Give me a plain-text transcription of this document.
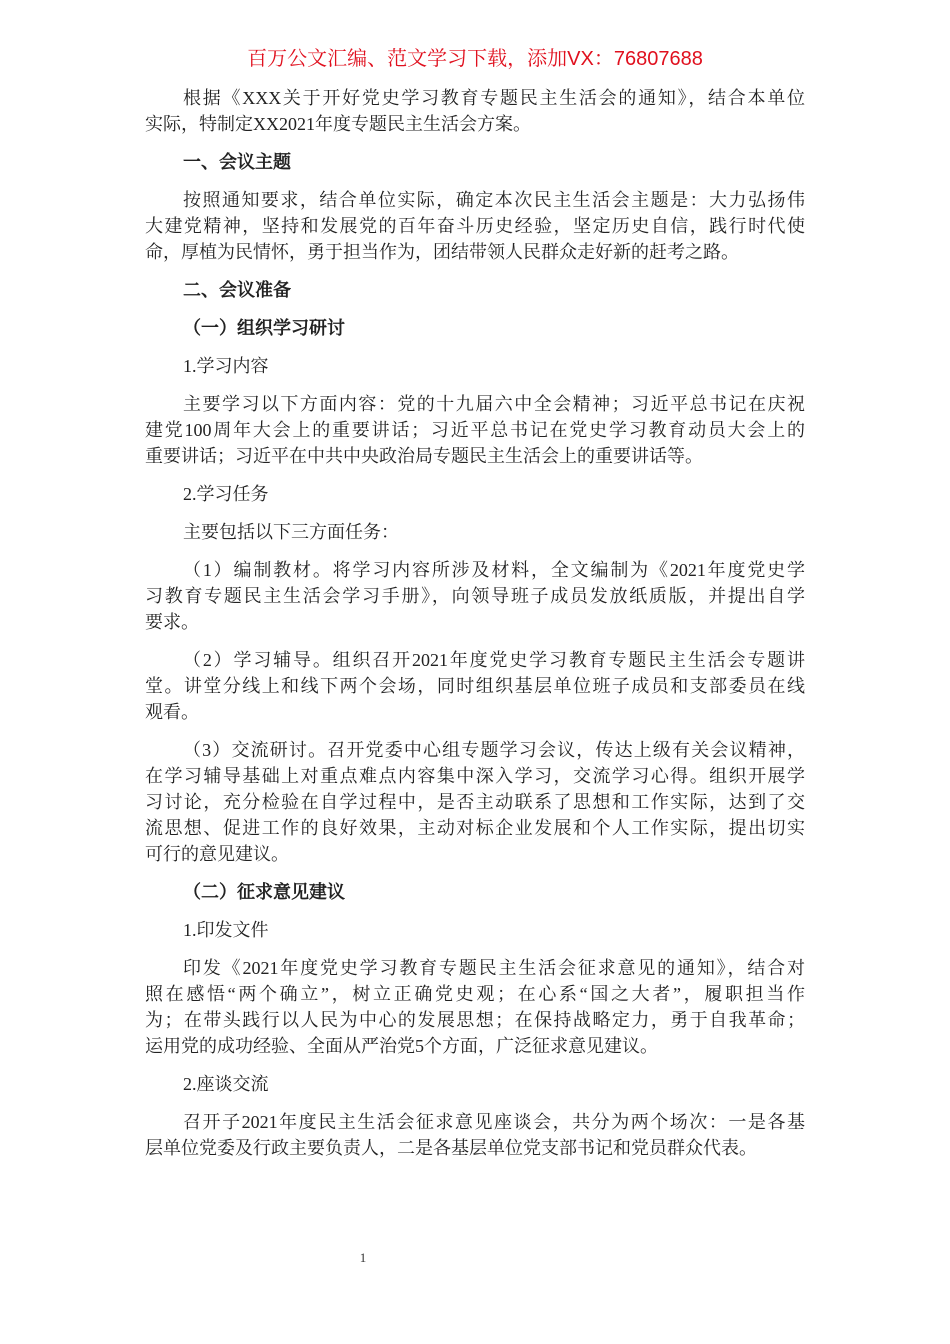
百万公文汇编、范文学习下载，添加VX：76807688
根据《XXX关于开好党史学习教育专题民主生活会的通知》，结合本单位
实际，特制定XX2021年度专题民主生活会方案。
一、会议主题
按照通知要求，结合单位实际，确定本次民主生活会主题是：大力弘扬伟
大建党精神，坚持和发展党的百年奋斗历史经验，坚定历史自信，践行时代使
命，厚植为民情怀，勇于担当作为，团结带领人民群众走好新的赶考之路。
二、会议准备
（一）组织学习研讨
1.学习内容
主要学习以下方面内容：党的十九届六中全会精神；习近平总书记在庆祝
建党100周年大会上的重要讲话；习近平总书记在党史学习教育动员大会上的
重要讲话；习近平在中共中央政治局专题民主生活会上的重要讲话等。
2.学习任务
主要包括以下三方面任务：
（1）编制教材。将学习内容所涉及材料，全文编制为《2021年度党史学
习教育专题民主生活会学习手册》，向领导班子成员发放纸质版，并提出自学
要求。
（2）学习辅导。组织召开2021年度党史学习教育专题民主生活会专题讲
堂。讲堂分线上和线下两个会场，同时组织基层单位班子成员和支部委员在线
观看。
（3）交流研讨。召开党委中心组专题学习会议，传达上级有关会议精神，
在学习辅导基础上对重点难点内容集中深入学习，交流学习心得。组织开展学
习讨论，充分检验在自学过程中，是否主动联系了思想和工作实际，达到了交
流思想、促进工作的良好效果，主动对标企业发展和个人工作实际，提出切实
可行的意见建议。
（二）征求意见建议
1.印发文件
印发《2021年度党史学习教育专题民主生活会征求意见的通知》，结合对
照在感悟“两个确立”，树立正确党史观；在心系“国之大者”，履职担当作
为；在带头践行以人民为中心的发展思想；在保持战略定力，勇于自我革命；
运用党的成功经验、全面从严治党5个方面，广泛征求意见建议。
2.座谈交流
召开子2021年度民主生活会征求意见座谈会，共分为两个场次：一是各基
层单位党委及行政主要负责人，二是各基层单位党支部书记和党员群众代表。
1
